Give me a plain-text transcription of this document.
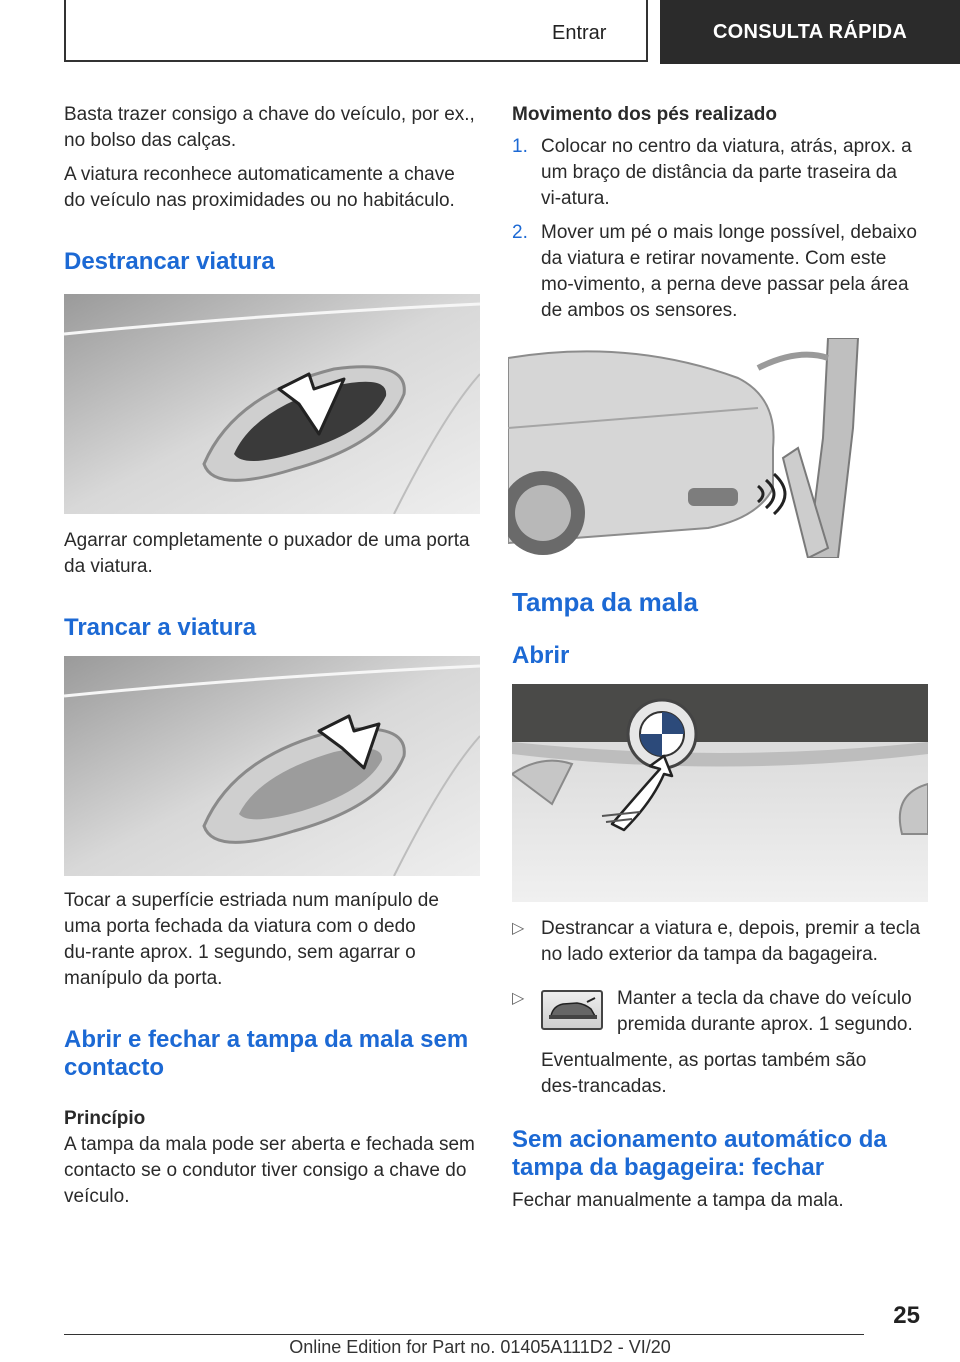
Entrar	CONSULTA RÁPIDA

Basta trazer consigo a chave do veículo, por ex., no bolso das calças.

A viatura reconhece automaticamente a chave do veículo nas proximidades ou no habitáculo.

Destrancar viatura

Agarrar completamente o puxador de uma porta da viatura.

Trancar a viatura

Tocar a superfície estriada num manípulo de uma porta fechada da viatura com o dedo du‑rante aprox. 1 segundo, sem agarrar o manípulo da porta.

Abrir e fechar a tampa da mala sem contacto
Princípio

A tampa da mala pode ser aberta e fechada sem contacto se o condutor tiver consigo a chave do veículo.

Movimento dos pés realizado
1. Colocar no centro da viatura, atrás, aprox. a um braço de distância da parte traseira da vi‑atura.
2. Mover um pé o mais longe possível, debaixo da viatura e retirar novamente. Com este mo‑vimento, a perna deve passar pela área de ambos os sensores.
Tampa da mala
Abrir
▷ Destrancar a viatura e, depois, premir a tecla no lado exterior da tampa da bagageira.
▷	Manter a tecla da chave do veículo premida durante aprox. 1 segundo.

Eventualmente, as portas também são des‑trancadas.

Sem acionamento automático da tampa da bagageira: fechar

Fechar manualmente a tampa da mala.

25
Online Edition for Part no. 01405A111D2 - VI/20
